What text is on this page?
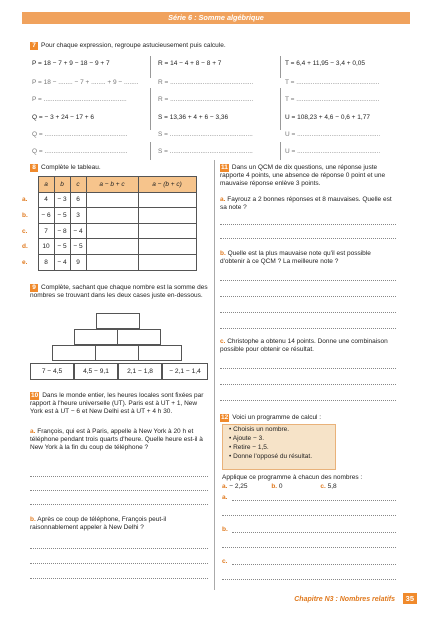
Série 6 : Somme algébrique
7 Pour chaque expression, regroupe astucieusement puis calcule.
P = 18 − 7 + 9 − 18 − 9 + 7
P = 18 − ........ − 7 + ........ + 9 − ........
P = ..............................................
Q = − 3 + 24 − 17 + 6
Q = ..............................................
Q = ..............................................
R = 14 − 4 + 8 − 8 + 7
R = ..............................................
R = ..............................................
S = 13,36 + 4 + 6 − 3,36
S = ..............................................
S = ..............................................
T = 6,4 + 11,95 − 3,4 + 0,05
T = ..............................................
T = ..............................................
U = 108,23 + 4,6 − 0,6 + 1,77
U = ..............................................
U = ..............................................
8 Complète le tableau.
	a	b	c	a − b + c	a − (b + c)
a.	4	− 3	6		
b.	− 6	− 5	3		
c.	7	− 8	− 4		
d.	10	− 5	− 5		
e.	8	− 4	9		
9 Complète, sachant que chaque nombre est la somme des nombres se trouvant dans les deux cases juste en-dessous.
7 − 4,5	4,5 − 9,1	2,1 − 1,8	− 2,1 − 1,4
10 Dans le monde entier, les heures locales sont fixées par rapport à l'heure universelle (UT). Paris est à UT + 1, New York est à UT − 6 et New Delhi est à UT + 4 h 30.
a. François, qui est à Paris, appelle à New York à 20 h et téléphone pendant trois quarts d'heure. Quelle heure est-il à New York à la fin du coup de téléphone ?
b. Après ce coup de téléphone, François peut-il raisonnablement appeler à New Delhi ?
11 Dans un QCM de dix questions, une réponse juste rapporte 4 points, une absence de réponse 0 point et une mauvaise réponse enlève 3 points.
a. Fayrouz a 2 bonnes réponses et 8 mauvaises. Quelle est sa note ?
b. Quelle est la plus mauvaise note qu'il est possible d'obtenir à ce QCM ? La meilleure note ?
c. Christophe a obtenu 14 points. Donne une combinaison possible pour obtenir ce résultat.
12 Voici un programme de calcul :
• Choisis un nombre.
• Ajoute − 3.
• Retire − 1,5.
• Donne l'opposé du résultat.
Applique ce programme à chacun des nombres :
a. − 2,25	b. 0	c. 5,8
a.
b.
c.
Chapitre N3 : Nombres relatifs	35
